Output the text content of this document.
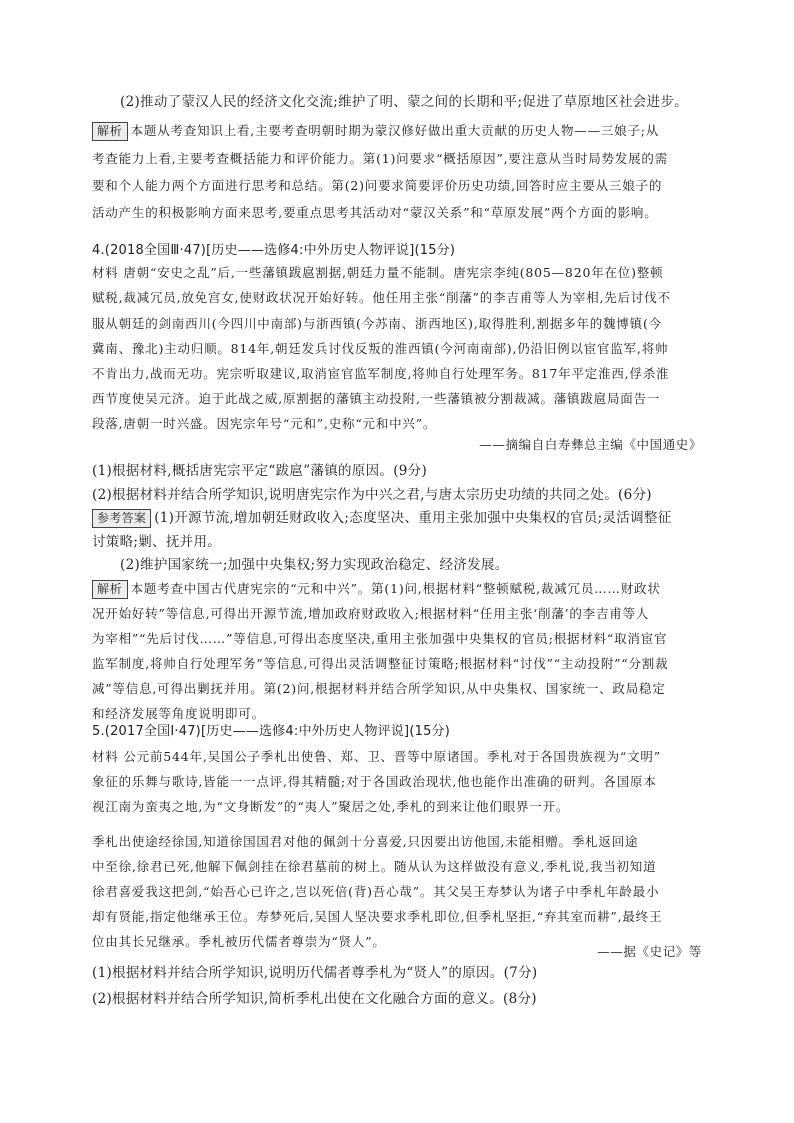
(2)推动了蒙汉人民的经济文化交流;维护了明、蒙之间的长期和平;促进了草原地区社会进步。
解析 本题从考查知识上看,主要考查明朝时期为蒙汉修好做出重大贡献的历史人物——三娘子;从
考查能力上看,主要考查概括能力和评价能力。第(1)问要求“概括原因”,要注意从当时局势发展的需
要和个人能力两个方面进行思考和总结。第(2)问要求简要评价历史功绩,回答时应主要从三娘子的
活动产生的积极影响方面来思考,要重点思考其活动对“蒙汉关系”和“草原发展”两个方面的影响。
4.(2018全国Ⅲ·47)[历史——选修4:中外历史人物评说](15分)
材料 唐朝“安史之乱”后,一些藩镇跋扈割据,朝廷力量不能制。唐宪宗李纯(805—820年在位)整顿
赋税,裁减冗员,放免宫女,使财政状况开始好转。他任用主张“削藩”的李吉甫等人为宰相,先后讨伐不
服从朝廷的剑南西川(今四川中南部)与浙西镇(今苏南、浙西地区),取得胜利,割据多年的魏博镇(今
冀南、豫北)主动归顺。814年,朝廷发兵讨伐反叛的淮西镇(今河南南部),仍沿旧例以宦官监军,将帅
不肯出力,战而无功。宪宗听取建议,取消宦官监军制度,将帅自行处理军务。817年平定淮西,俘杀淮
西节度使吴元济。迫于此战之威,原割据的藩镇主动投附,一些藩镇被分割裁减。藩镇跋扈局面告一
段落,唐朝一时兴盛。因宪宗年号“元和”,史称“元和中兴”。
——摘编自白寿彝总主编《中国通史》
(1)根据材料,概括唐宪宗平定“跋扈”藩镇的原因。(9分)
(2)根据材料并结合所学知识,说明唐宪宗作为中兴之君,与唐太宗历史功绩的共同之处。(6分)
参考答案 (1)开源节流,增加朝廷财政收入;态度坚决、重用主张加强中央集权的官员;灵活调整征
讨策略;剿、抚并用。
(2)维护国家统一;加强中央集权;努力实现政治稳定、经济发展。
解析 本题考查中国古代唐宪宗的“元和中兴”。第(1)问,根据材料“整顿赋税,裁减冗员……财政状
况开始好转”等信息,可得出开源节流,增加政府财政收入;根据材料“任用主张‘削藩’的李吉甫等人
为宰相”“先后讨伐……”等信息,可得出态度坚决,重用主张加强中央集权的官员;根据材料“取消宦官
监军制度,将帅自行处理军务”等信息,可得出灵活调整征讨策略;根据材料“讨伐”“主动投附”“分割裁
减”等信息,可得出剿抚并用。第(2)问,根据材料并结合所学知识,从中央集权、国家统一、政局稳定
和经济发展等角度说明即可。
5.(2017全国Ⅰ·47)[历史——选修4:中外历史人物评说](15分)
材料 公元前544年,吴国公子季札出使鲁、郑、卫、晋等中原诸国。季札对于各国贵族视为“文明”
象征的乐舞与歌诗,皆能一一点评,得其精髓;对于各国政治现状,他也能作出准确的研判。各国原本
视江南为蛮夷之地,为“文身断发”的“夷人”聚居之处,季札的到来让他们眼界一开。
季札出使途经徐国,知道徐国国君对他的佩剑十分喜爱,只因要出访他国,未能相赠。季札返回途
中至徐,徐君已死,他解下佩剑挂在徐君墓前的树上。随从认为这样做没有意义,季札说,我当初知道
徐君喜爱我这把剑,“始吾心已许之,岂以死倍(背)吾心哉”。其父吴王寿梦认为诸子中季札年龄最小
却有贤能,指定他继承王位。寿梦死后,吴国人坚决要求季札即位,但季札坚拒,“弃其室而耕”,最终王
位由其长兄继承。季札被历代儒者尊崇为“贤人”。
——据《史记》等
(1)根据材料并结合所学知识,说明历代儒者尊季札为“贤人”的原因。(7分)
(2)根据材料并结合所学知识,简析季札出使在文化融合方面的意义。(8分)
